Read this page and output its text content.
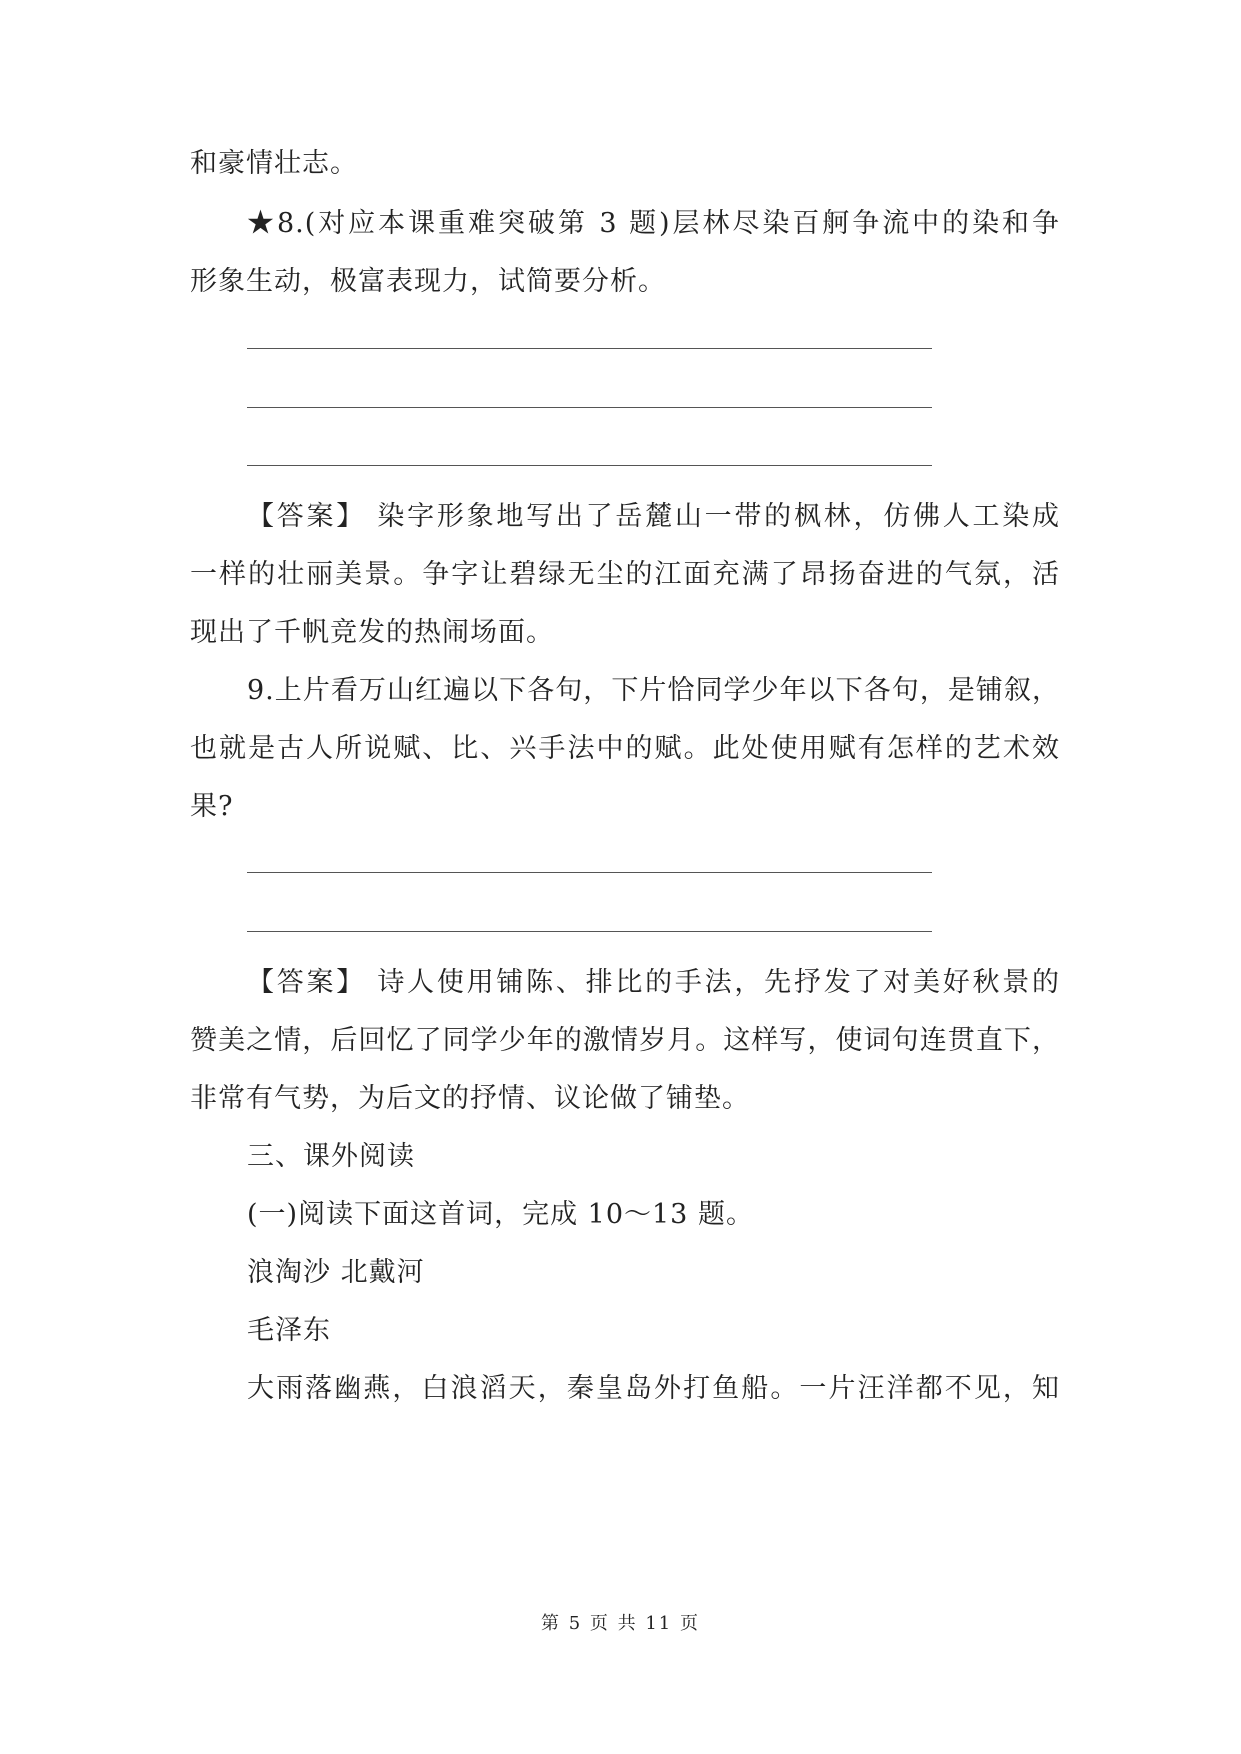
和豪情壮志。
★8.(对应本课重难突破第 3 题)层林尽染百舸争流中的染和争
形象生动，极富表现力，试简要分析。
【答案】 染字形象地写出了岳麓山一带的枫林，仿佛人工染成
一样的壮丽美景。争字让碧绿无尘的江面充满了昂扬奋进的气氛，活
现出了千帆竞发的热闹场面。
9.上片看万山红遍以下各句，下片恰同学少年以下各句，是铺叙，
也就是古人所说赋、比、兴手法中的赋。此处使用赋有怎样的艺术效
果?
【答案】 诗人使用铺陈、排比的手法，先抒发了对美好秋景的
赞美之情，后回忆了同学少年的激情岁月。这样写，使词句连贯直下，
非常有气势，为后文的抒情、议论做了铺垫。
三、课外阅读
(一)阅读下面这首词，完成 10～13 题。
浪淘沙 北戴河
毛泽东
大雨落幽燕，白浪滔天，秦皇岛外打鱼船。一片汪洋都不见，知
第 5 页 共 11 页
